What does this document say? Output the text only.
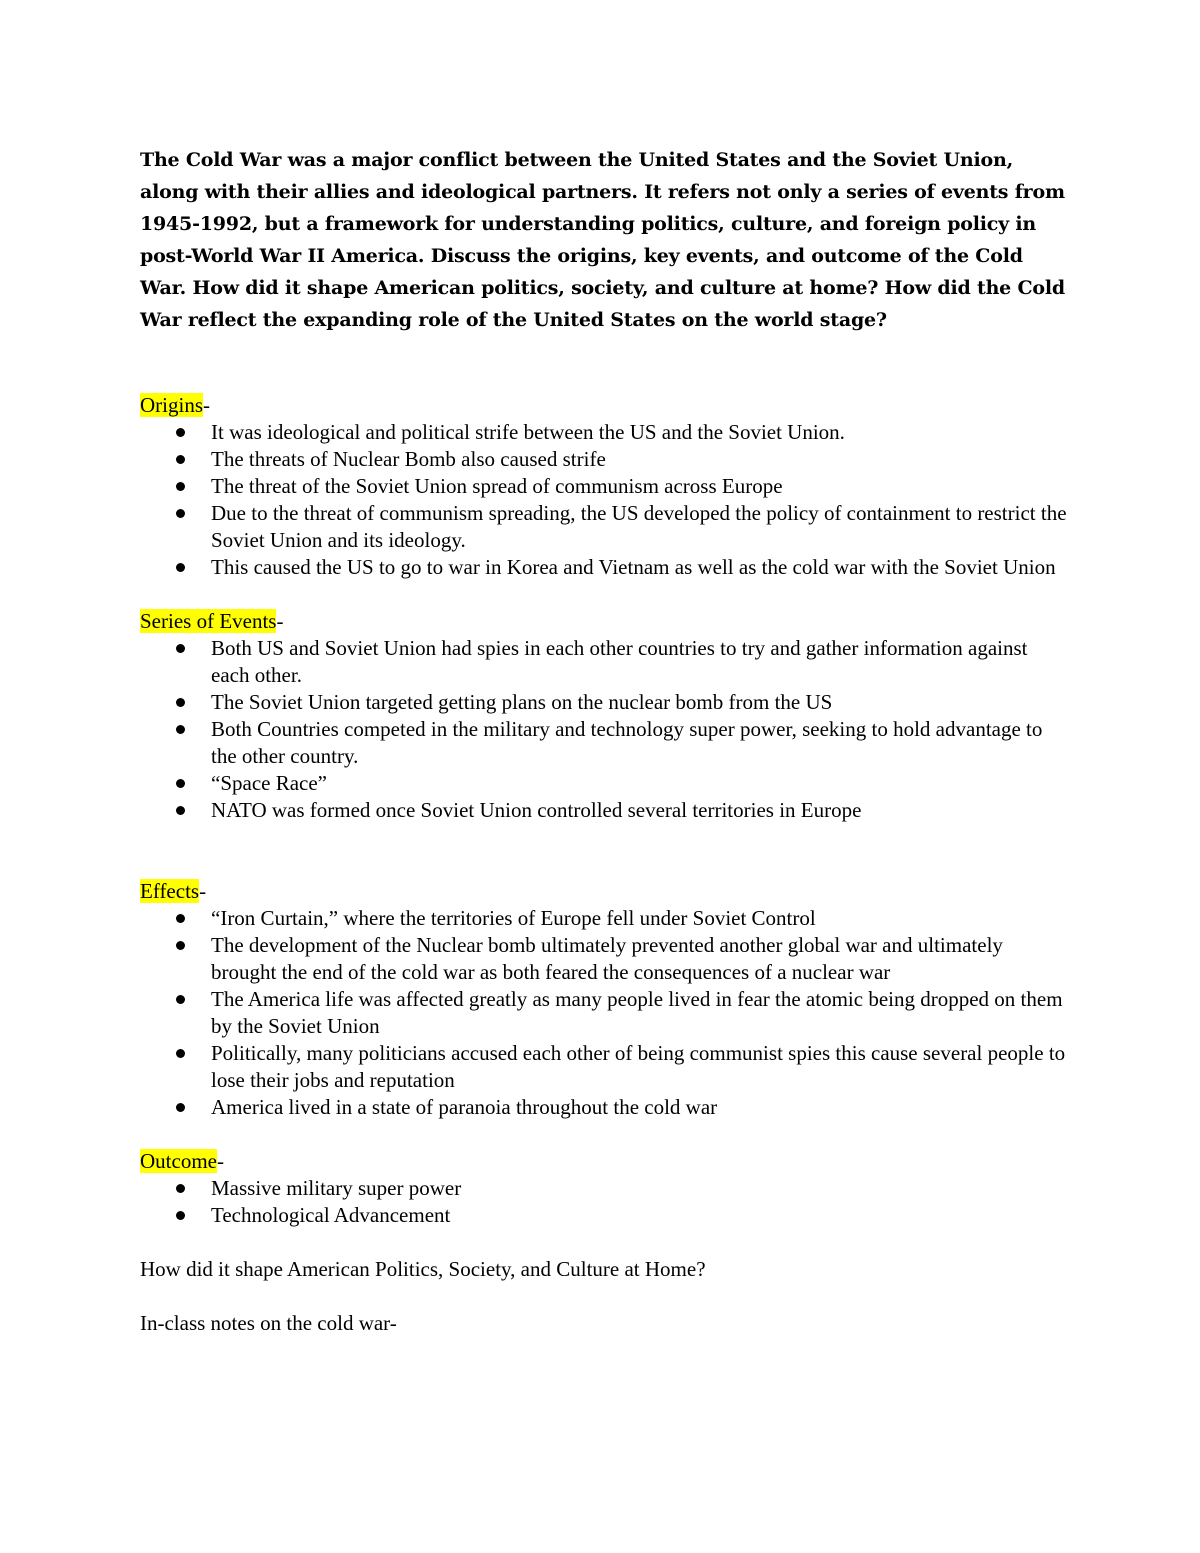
The Cold War was a major conflict between the United States and the Soviet Union, along with their allies and ideological partners. It refers not only a series of events from 1945-1992, but a framework for understanding politics, culture, and foreign policy in post-World War II America. Discuss the origins, key events, and outcome of the Cold War. How did it shape American politics, society, and culture at home? How did the Cold War reflect the expanding role of the United States on the world stage?

Origins-

It was ideological and political strife between the US and the Soviet Union.
The threats of Nuclear Bomb also caused strife
The threat of the Soviet Union spread of communism across Europe
Due to the threat of communism spreading, the US developed the policy of containment to restrict the Soviet Union and its ideology.
This caused the US to go to war in Korea and Vietnam as well as the cold war with the Soviet Union

Series of Events-

Both US and Soviet Union had spies in each other countries to try and gather information against each other.
The Soviet Union targeted getting plans on the nuclear bomb from the US
Both Countries competed in the military and technology super power, seeking to hold advantage to the other country.
“Space Race”
NATO was formed once Soviet Union controlled several territories in Europe

Effects-

“Iron Curtain,” where the territories of Europe fell under Soviet Control
The development of the Nuclear bomb ultimately prevented another global war and ultimately brought the end of the cold war as both feared the consequences of a nuclear war
The America life was affected greatly as many people lived in fear the atomic being dropped on them by the Soviet Union
Politically, many politicians accused each other of being communist spies this cause several people to lose their jobs and reputation
America lived in a state of paranoia throughout the cold war

Outcome-

Massive military super power
Technological Advancement

How did it shape American Politics, Society, and Culture at Home?

In-class notes on the cold war-
